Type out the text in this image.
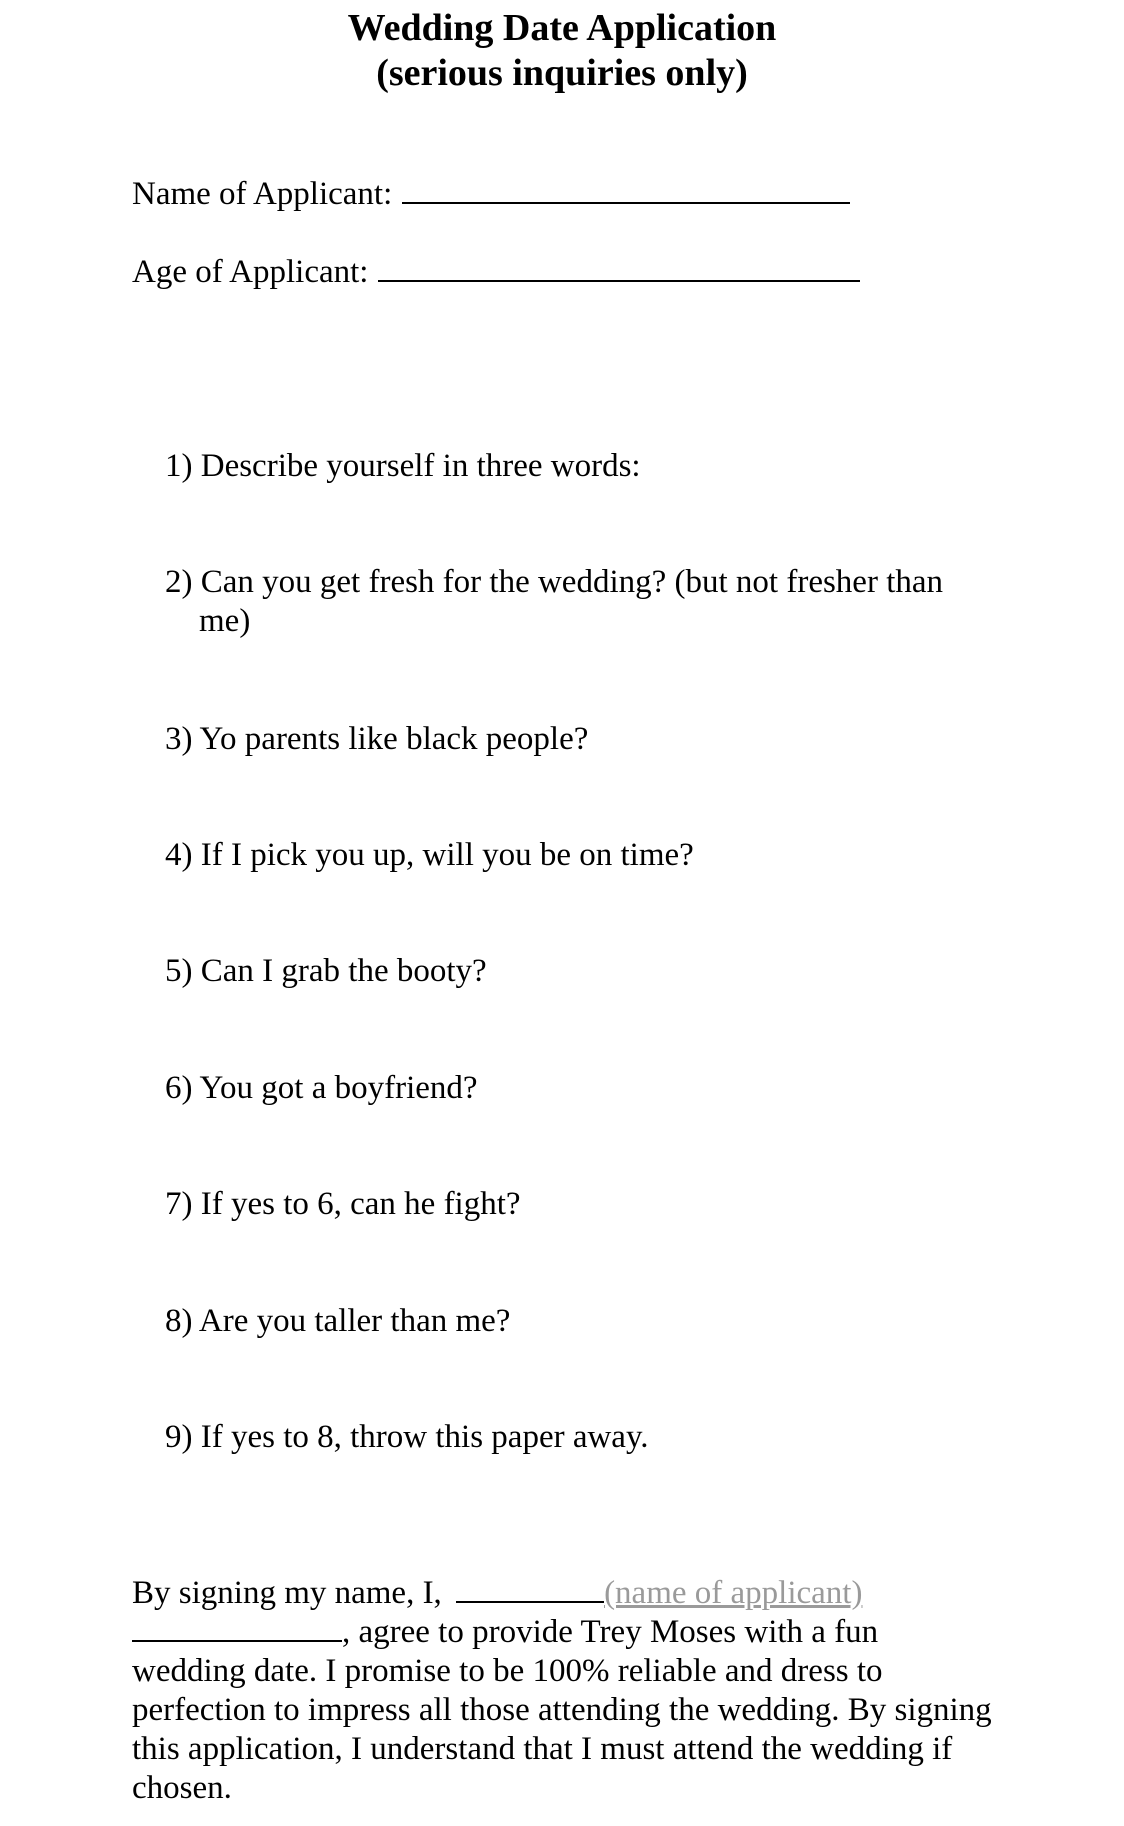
Wedding Date Application
(serious inquiries only)
Name of Applicant:
Age of Applicant:
1) Describe yourself in three words:
2) Can you get fresh for the wedding? (but not fresher than me)
3) Yo parents like black people?
4) If I pick you up, will you be on time?
5) Can I grab the booty?
6) You got a boyfriend?
7) If yes to 6, can he fight?
8) Are you taller than me?
9) If yes to 8, throw this paper away.
By signing my name, I,	(name of applicant), agree to provide Trey Moses with a fun wedding date. I promise to be 100% reliable and dress to perfection to impress all those attending the wedding. By signing this application, I understand that I must attend the wedding if chosen.
